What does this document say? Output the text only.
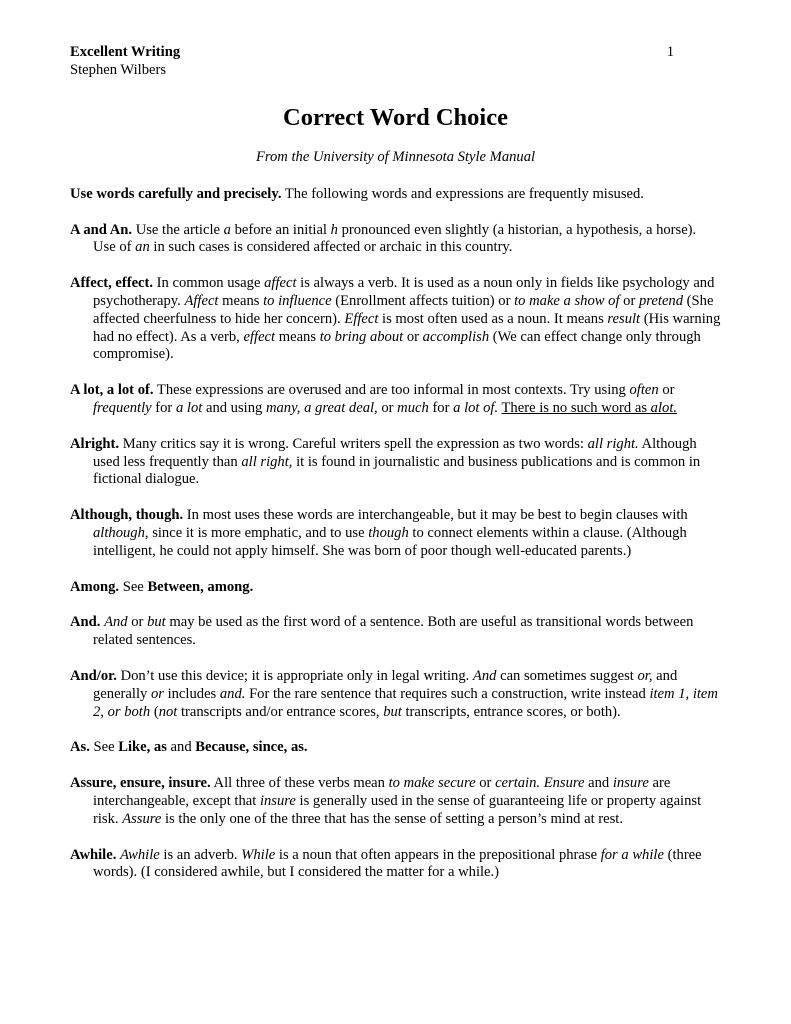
Excellent Writing
Stephen Wilbers
1
Correct Word Choice

From the University of Minnesota Style Manual

Use words carefully and precisely. The following words and expressions are frequently misused.

A and An. Use the article a before an initial h pronounced even slightly (a historian, a hypothesis, a horse). Use of an in such cases is considered affected or archaic in this country.

Affect, effect. In common usage affect is always a verb. It is used as a noun only in fields like psychology and psychotherapy. Affect means to influence (Enrollment affects tuition) or to make a show of or pretend (She affected cheerfulness to hide her concern). Effect is most often used as a noun. It means result (His warning had no effect). As a verb, effect means to bring about or accomplish (We can effect change only through compromise).

A lot, a lot of. These expressions are overused and are too informal in most contexts. Try using often or frequently for a lot and using many, a great deal, or much for a lot of. There is no such word as alot.

Alright. Many critics say it is wrong. Careful writers spell the expression as two words: all right. Although used less frequently than all right, it is found in journalistic and business publications and is common in fictional dialogue.

Although, though. In most uses these words are interchangeable, but it may be best to begin clauses with although, since it is more emphatic, and to use though to connect elements within a clause. (Although intelligent, he could not apply himself. She was born of poor though well-educated parents.)

Among. See Between, among.

And. And or but may be used as the first word of a sentence. Both are useful as transitional words between related sentences.

And/or. Don’t use this device; it is appropriate only in legal writing. And can sometimes suggest or, and generally or includes and. For the rare sentence that requires such a construction, write instead item 1, item 2, or both (not transcripts and/or entrance scores, but transcripts, entrance scores, or both).

As. See Like, as and Because, since, as.

Assure, ensure, insure. All three of these verbs mean to make secure or certain. Ensure and insure are interchangeable, except that insure is generally used in the sense of guaranteeing life or property against risk. Assure is the only one of the three that has the sense of setting a person’s mind at rest.

Awhile. Awhile is an adverb. While is a noun that often appears in the prepositional phrase for a while (three words). (I considered awhile, but I considered the matter for a while.)
